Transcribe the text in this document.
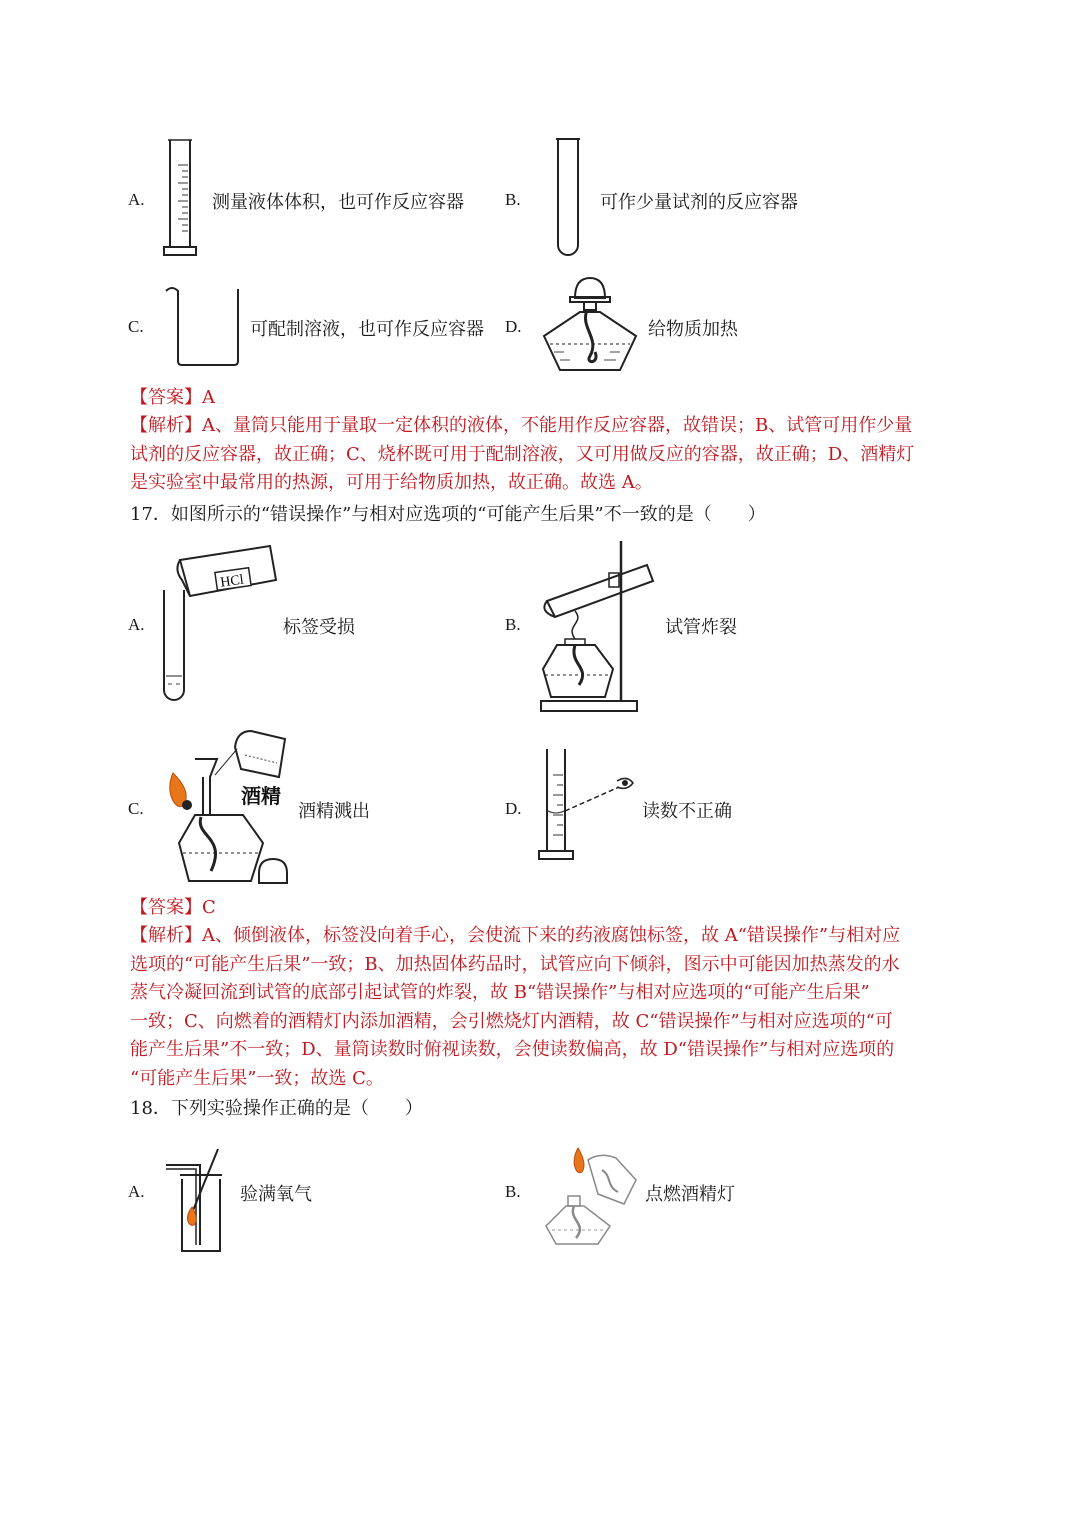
A.	测量液体体积，也可作反应容器 B.	可作少量试剂的反应容器
C.	可配制溶液，也可作反应容器 D.	给物质加热
【答案】A
【解析】A、量筒只能用于量取一定体积的液体，不能用作反应容器，故错误；B、试管可用作少量
试剂的反应容器，故正确；C、烧杯既可用于配制溶液，又可用做反应的容器，故正确；D、酒精灯
是实验室中最常用的热源，可用于给物质加热，故正确。故选 A。
17．如图所示的“错误操作”与相对应选项的“可能产生后果”不一致的是（　　）
A.
HCl
标签受损	B.	试管炸裂
C.
酒精
酒精溅出	D.	读数不正确
【答案】C
【解析】A、倾倒液体，标签没向着手心，会使流下来的药液腐蚀标签，故 A“错误操作”与相对应
选项的“可能产生后果”一致；B、加热固体药品时，试管应向下倾斜，图示中可能因加热蒸发的水
蒸气冷凝回流到试管的底部引起试管的炸裂，故 B“错误操作”与相对应选项的“可能产生后果”
一致；C、向燃着的酒精灯内添加酒精，会引燃烧灯内酒精，故 C“错误操作”与相对应选项的“可
能产生后果”不一致；D、量筒读数时俯视读数，会使读数偏高，故 D“错误操作”与相对应选项的
“可能产生后果”一致；故选 C。
18．下列实验操作正确的是（　　）
A.	验满氧气	B.	点燃酒精灯
